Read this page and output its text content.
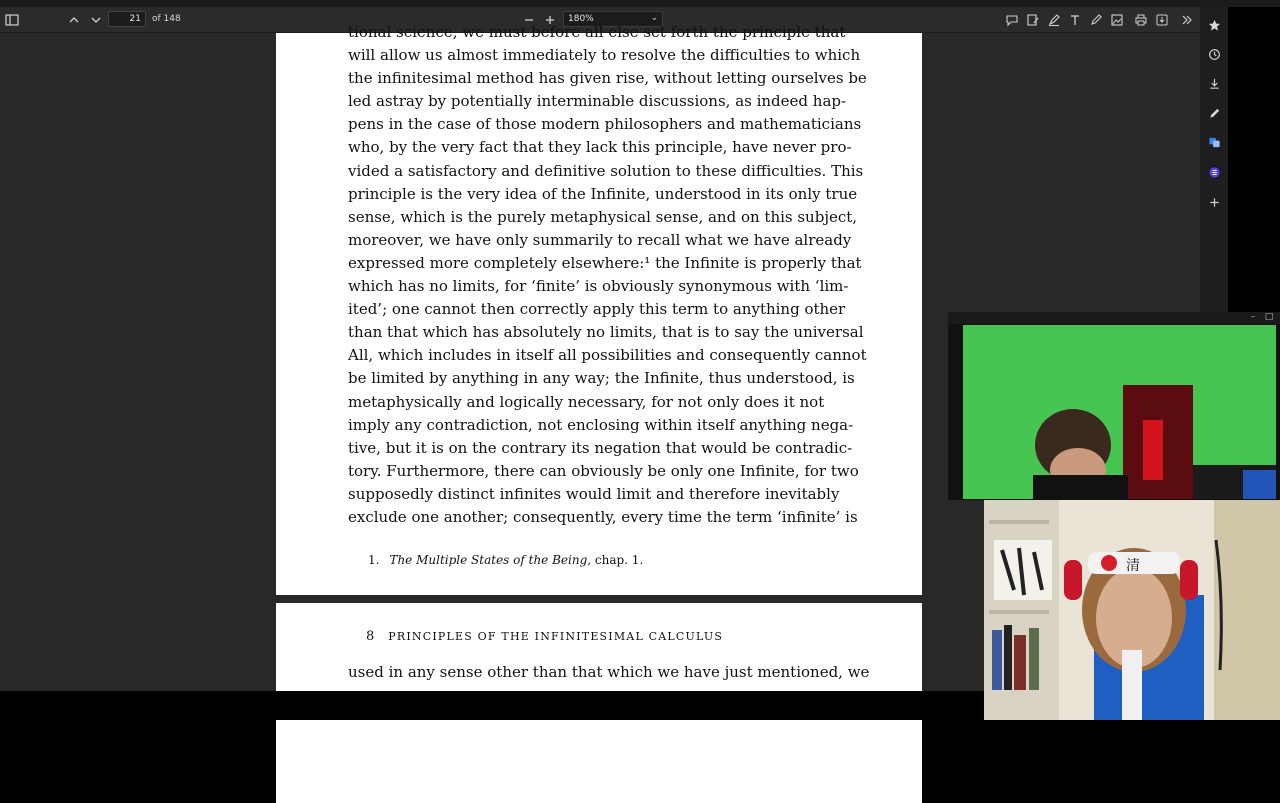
21
of 148	180%	⌄
tional science, we must before all else set forth the principle that
will allow us almost immediately to resolve the difficulties to which
the infinitesimal method has given rise, without letting ourselves be
led astray by potentially interminable discussions, as indeed hap-
pens in the case of those modern philosophers and mathematicians
who, by the very fact that they lack this principle, have never pro-
vided a satisfactory and definitive solution to these difficulties. This
principle is the very idea of the Infinite, understood in its only true
sense, which is the purely metaphysical sense, and on this subject,
moreover, we have only summarily to recall what we have already
expressed more completely elsewhere:¹ the Infinite is properly that
which has no limits, for ‘finite’ is obviously synonymous with ‘lim-
ited’; one cannot then correctly apply this term to anything other
than that which has absolutely no limits, that is to say the universal
All, which includes in itself all possibilities and consequently cannot
be limited by anything in any way; the Infinite, thus understood, is
metaphysically and logically necessary, for not only does it not
imply any contradiction, not enclosing within itself anything nega-
tive, but it is on the contrary its negation that would be contradic-
tory. Furthermore, there can obviously be only one Infinite, for two
supposedly distinct infinites would limit and therefore inevitably
exclude one another; consequently, every time the term ‘infinite’ is
1. The Multiple States of the Being, chap. 1.
8 PRINCIPLES OF THE INFINITESIMAL CALCULUS
used in any sense other than that which we have just mentioned, we
–	□
清
